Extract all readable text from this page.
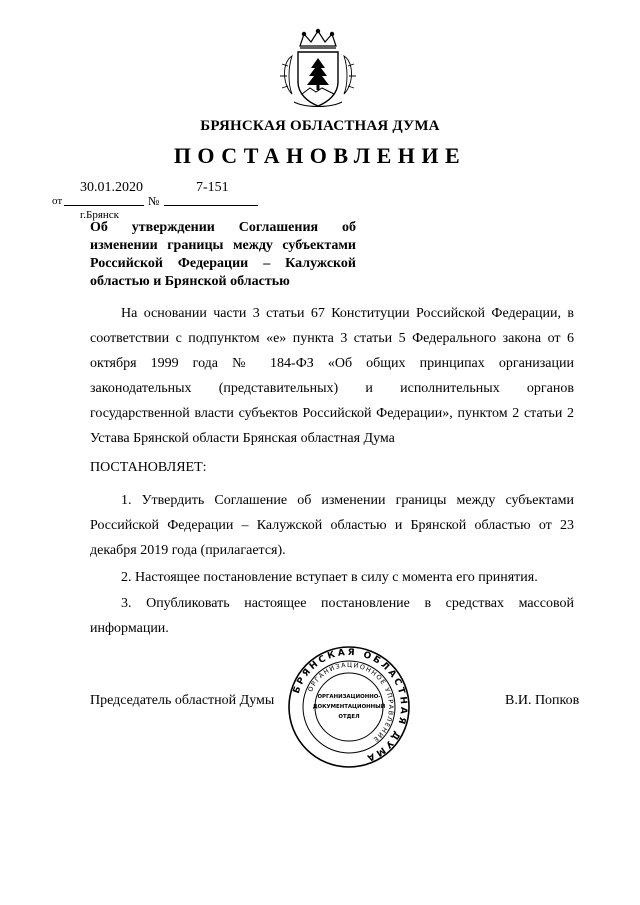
БРЯНСКАЯ ОБЛАСТНАЯ ДУМА
ПОСТАНОВЛЕНИЕ
30.01.2020	7-151
от	№
г.Брянск
Об утверждении Соглашения об изменении границы между субъектами Российской Федерации – Калужской областью и Брянской областью
На основании части 3 статьи 67 Конституции Российской Федерации, в соответствии с подпунктом «е» пункта 3 статьи 5 Федерального закона от 6 октября 1999 года № 184-ФЗ «Об общих принципах организации законодательных (представительных) и исполнительных органов государственной власти субъектов Российской Федерации», пунктом 2 статьи 2 Устава Брянской области Брянская областная Дума
ПОСТАНОВЛЯЕТ:
1. Утвердить Соглашение об изменении границы между субъектами Российской Федерации – Калужской областью и Брянской областью от 23 декабря 2019 года (прилагается).
2. Настоящее постановление вступает в силу с момента его принятия.
3. Опубликовать настоящее постановление в средствах массовой информации.
Председатель областной Думы	В.И. Попков
БРЯНСКАЯ ОБЛАСТНАЯ ДУМА
ОРГАНИЗАЦИОННОЕ УПРАВЛЕНИЕ
ОРГАНИЗАЦИОННО-
ДОКУМЕНТАЦИОННЫЙ
ОТДЕЛ
